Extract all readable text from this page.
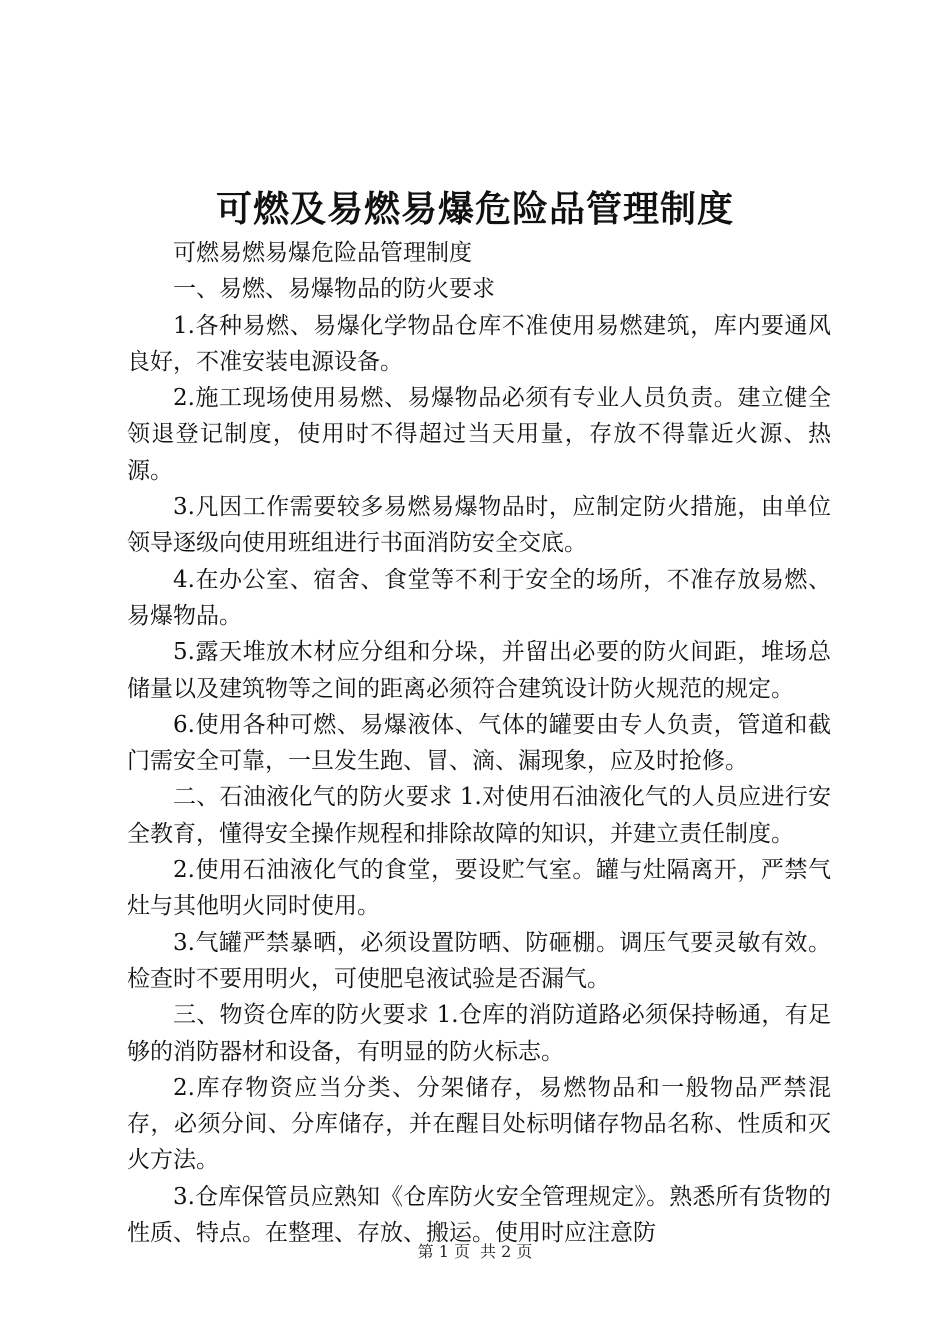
可燃及易燃易爆危险品管理制度

可燃易燃易爆危险品管理制度

一、易燃、易爆物品的防火要求

1.各种易燃、易爆化学物品仓库不准使用易燃建筑，库内要通风良好，不准安装电源设备。

2.施工现场使用易燃、易爆物品必须有专业人员负责。建立健全领退登记制度，使用时不得超过当天用量，存放不得靠近火源、热源。

3.凡因工作需要较多易燃易爆物品时，应制定防火措施，由单位领导逐级向使用班组进行书面消防安全交底。

4.在办公室、宿舍、食堂等不利于安全的场所，不准存放易燃、易爆物品。

5.露天堆放木材应分组和分垛，并留出必要的防火间距，堆场总储量以及建筑物等之间的距离必须符合建筑设计防火规范的规定。

6.使用各种可燃、易爆液体、气体的罐要由专人负责，管道和截门需安全可靠，一旦发生跑、冒、滴、漏现象，应及时抢修。

二、石油液化气的防火要求 1.对使用石油液化气的人员应进行安全教育，懂得安全操作规程和排除故障的知识，并建立责任制度。

2.使用石油液化气的食堂，要设贮气室。罐与灶隔离开，严禁气灶与其他明火同时使用。

3.气罐严禁暴晒，必须设置防晒、防砸棚。调压气要灵敏有效。检查时不要用明火，可使肥皂液试验是否漏气。

三、物资仓库的防火要求 1.仓库的消防道路必须保持畅通，有足够的消防器材和设备，有明显的防火标志。

2.库存物资应当分类、分架储存，易燃物品和一般物品严禁混存，必须分间、分库储存，并在醒目处标明储存物品名称、性质和灭火方法。

3.仓库保管员应熟知《仓库防火安全管理规定》。熟悉所有货物的性质、特点。在整理、存放、搬运。使用时应注意防

第 1 页 共 2 页
